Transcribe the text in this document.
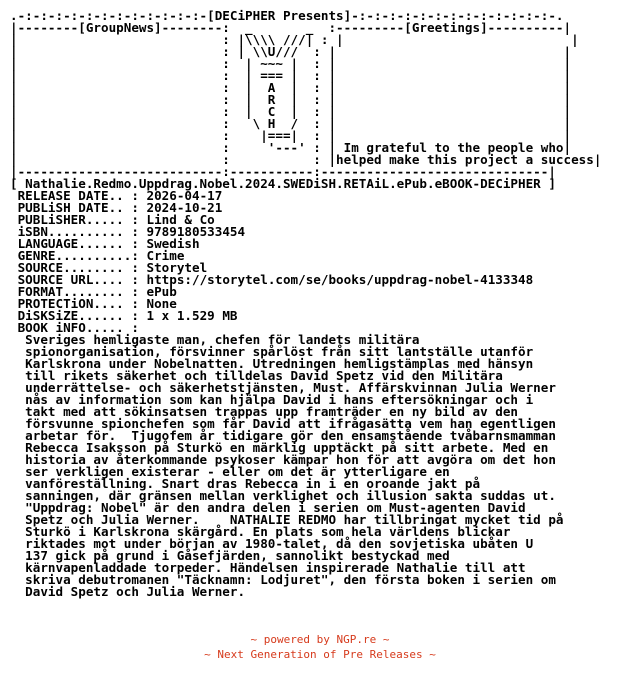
.-:-:-:-:-:-:-:-:-:-:-:-:-[DECiPHER Presents]-:-:-:-:-:-:-:-:-:-:-:-:-:-.
|--------[GroupNews]--------:  _       _  :---------[Greetings]----------|
|                           : |\\\\ ///| : |                              |
|                           : | \\U///  : |                              |
|                           :  | ~~~ |  : |                              |
|                           :  | === |  : |                              |
|                           :  |  A  |  : |                              |
|                           :  |  R  |  : |                              |
|                           :  |  C  |  : |                              |
|                           :   \ H  /  : |                              |
|                           :    |===|  : |                              |
|                           :     '---' : | Im grateful to the people who|
|                           :           : |helped make this project a success|
|---------------------------:-----------:------------------------------|
[ Nathalie.Redmo.Uppdrag.Nobel.2024.SWEDiSH.RETAiL.ePub.eBOOK-DECiPHER ]
RELEASE DATE.. : 2026-04-17
PUBLiSH DATE.. : 2024-10-21
PUBLiSHER..... : Lind & Co
iSBN.......... : 9789180533454
LANGUAGE...... : Swedish
GENRE..........: Crime
SOURCE........ : Storytel
SOURCE URL.... : https://storytel.com/se/books/uppdrag-nobel-4133348
FORMAT........ : ePub
PROTECTiON.... : None
DiSKSiZE...... : 1 x 1.529 MB
BOOK iNFO..... :
Sveriges hemligaste man, chefen för landets militära
spionorganisation, försvinner spårlöst från sitt lantställe utanför
Karlskrona under Nobelnatten. Utredningen hemligstämplas med hänsyn
till rikets säkerhet och tilldelas David Spetz vid den Militära
underrättelse- och säkerhetstjänsten, Must. Affärskvinnan Julia Werner
nås av information som kan hjälpa David i hans eftersökningar och i
takt med att sökinsatsen trappas upp framträder en ny bild av den
försvunne spionchefen som får David att ifrågasätta vem han egentligen
arbetar för.  Tjugofem år tidigare gör den ensamstående tvåbarnsmamman
Rebecca Isaksson på Sturkö en märklig upptäckt på sitt arbete. Med en
historia av återkommande psykoser kämpar hon för att avgöra om det hon
ser verkligen existerar - eller om det är ytterligare en
vanföreställning. Snart dras Rebecca in i en oroande jakt på
sanningen, där gränsen mellan verklighet och illusion sakta suddas ut.
"Uppdrag: Nobel" är den andra delen i serien om Must-agenten David
Spetz och Julia Werner.    NATHALIE REDMO har tillbringat mycket tid på
Sturkö i Karlskrona skärgård. En plats som hela världens blickar
riktades mot under början av 1980-talet, då den sovjetiska ubåten U
137 gick på grund i Gåsefjärden, sannolikt bestyckad med
kärnvapenladdade torpeder. Händelsen inspirerade Nathalie till att
skriva debutromanen "Täcknamn: Lodjuret", den första boken i serien om
David Spetz och Julia Werner.

~ powered by NGP.re ~

~ Next Generation of Pre Releases ~
